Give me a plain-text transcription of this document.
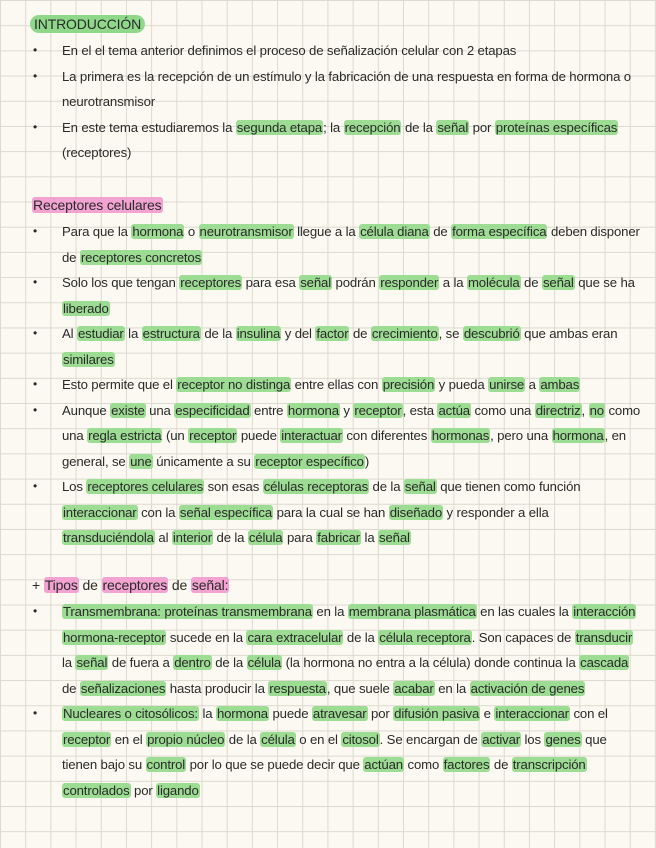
INTRODUCCIÓN
• En el el tema anterior definimos el proceso de señalización celular con 2 etapas
• La primera es la recepción de un estímulo y la fabricación de una respuesta en forma de hormona o neurotransmisor
• En este tema estudiaremos la segunda etapa; la recepción de la señal por proteínas específicas (receptores)
Receptores celulares
• Para que la hormona o neurotransmisor llegue a la célula diana de forma específica deben disponer de receptores concretos
• Solo los que tengan receptores para esa señal podrán responder a la molécula de señal que se ha liberado
• Al estudiar la estructura de la insulina y del factor de crecimiento, se descubrió que ambas eran similares
• Esto permite que el receptor no distinga entre ellas con precisión y pueda unirse a ambas
• Aunque existe una especificidad entre hormona y receptor, esta actúa como una directriz, no como una regla estricta (un receptor puede interactuar con diferentes hormonas, pero una hormona, en general, se une únicamente a su receptor específico)
• Los receptores celulares son esas células receptoras de la señal que tienen como función interaccionar con la señal específica para la cual se han diseñado y responder a ella transduciéndola al interior de la célula para fabricar la señal
+ Tipos de receptores de señal:
• Transmembrana: proteínas transmembrana en la membrana plasmática en las cuales la interacción hormona-receptor sucede en la cara extracelular de la célula receptora. Son capaces de transducir la señal de fuera a dentro de la célula (la hormona no entra a la célula) donde continua la cascada de señalizaciones hasta producir la respuesta, que suele acabar en la activación de genes
• Nucleares o citosólicos: la hormona puede atravesar por difusión pasiva e interaccionar con el receptor en el propio núcleo de la célula o en el citosol. Se encargan de activar los genes que tienen bajo su control por lo que se puede decir que actúan como factores de transcripción controlados por ligando
